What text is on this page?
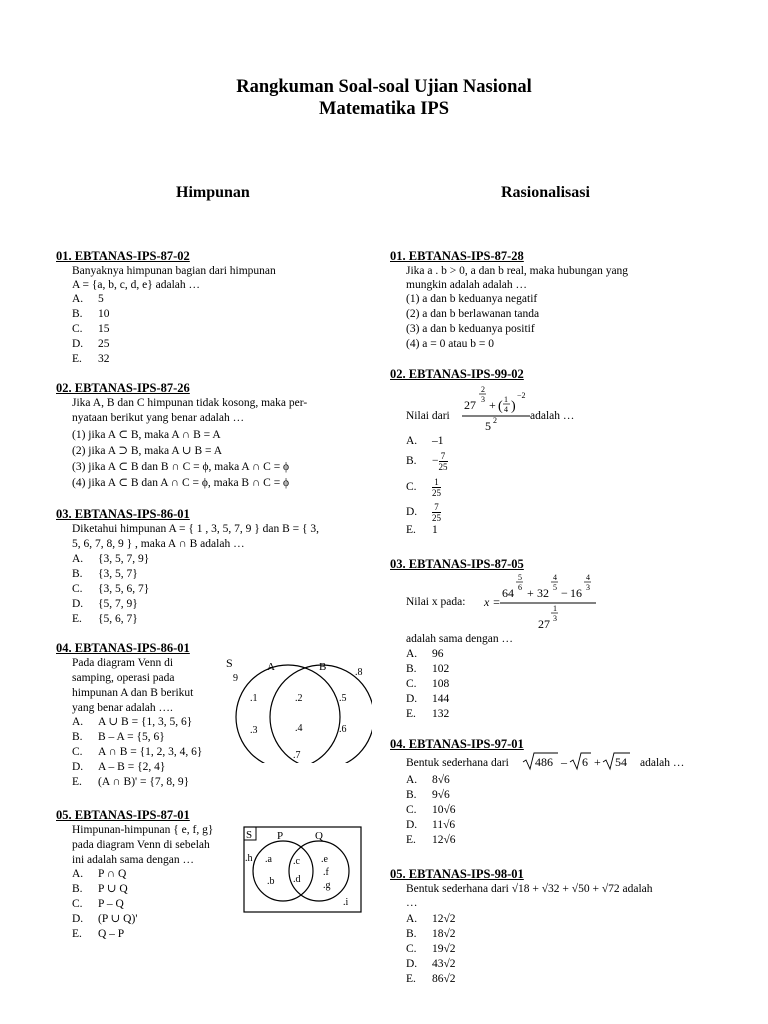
Rangkuman Soal-soal Ujian Nasional
Matematika IPS
Himpunan	Rasionalisasi
01. EBTANAS-IPS-87-02
Banyaknya himpunan bagian dari himpunan
A = {a, b, c, d, e} adalah …
A. 5
B. 10
C. 15
D. 25
E. 32
02. EBTANAS-IPS-87-26
Jika A, B dan C himpunan tidak kosong, maka per-
nyataan berikut yang benar adalah …
(1) jika A ⊂ B, maka A ∩ B = A
(2) jika A ⊃ B, maka A ∪ B = A
(3) jika A ⊂ B dan B ∩ C = ϕ, maka A ∩ C = ϕ
(4) jika A ⊂ B dan A ∩ C = ϕ, maka B ∩ C = ϕ
03. EBTANAS-IPS-86-01
Diketahui himpunan A = { 1 , 3, 5, 7, 9 } dan B = { 3,
5, 6, 7, 8, 9 } , maka A ∩ B adalah …
A. {3, 5, 7, 9}
B. {3, 5, 7}
C. {3, 5, 6, 7}
D. {5, 7, 9}
E. {5, 6, 7}
04. EBTANAS-IPS-86-01
Pada diagram Venn di
samping, operasi pada
himpunan A dan B berikut
yang benar adalah ….
A. A ∪ B = {1, 3, 5, 6}
B. B – A = {5, 6}
C. A ∩ B = {1, 2, 3, 4, 6}
D. A – B = {2, 4}
E. (A ∩ B)' = {7, 8, 9}
S	A	B
9
.8
.1
.3
.2
.4
.5
.6
.7
05. EBTANAS-IPS-87-01
Himpunan-himpunan { e, f, g}
pada diagram Venn di sebelah
ini adalah sama dengan …
A. P ∩ Q
B. P ∪ Q
C. P – Q
D. (P ∪ Q)'
E. Q – P
S P	Q
.h .a
.b
.c
.d
.e
.f
.g
.i
01. EBTANAS-IPS-87-28
Jika a . b > 0, a dan b real, maka hubungan yang
mungkin adalah adalah …
(1) a dan b keduanya negatif
(2) a dan b berlawanan tanda
(3) a dan b keduanya positif
(4) a = 0 atau b = 0
02. EBTANAS-IPS-99-02
Nilai dari
27
2
3 + ( 1
4 )
−2
5 2	adalah …
A. –1
B. − $\frac{7}{25}$
C. $\frac{1}{25}$
D. $\frac{7}{25}$
E. 1
03. EBTANAS-IPS-87-05
Nilai x pada: x =
64
5
6 + 32
4
5 − 16
4
3
27
1
3
adalah sama dengan …
A. 96
B. 102
C. 108
D. 144
E. 132
04. EBTANAS-IPS-97-01
Bentuk sederhana dari 486 – 6 + 54 adalah …
A. 8√6
B. 9√6
C. 10√6
D. 11√6
E. 12√6
05. EBTANAS-IPS-98-01
Bentuk sederhana dari √18 + √32 + √50 + √72 adalah
…
A. 12√2
B. 18√2
C. 19√2
D. 43√2
E. 86√2
